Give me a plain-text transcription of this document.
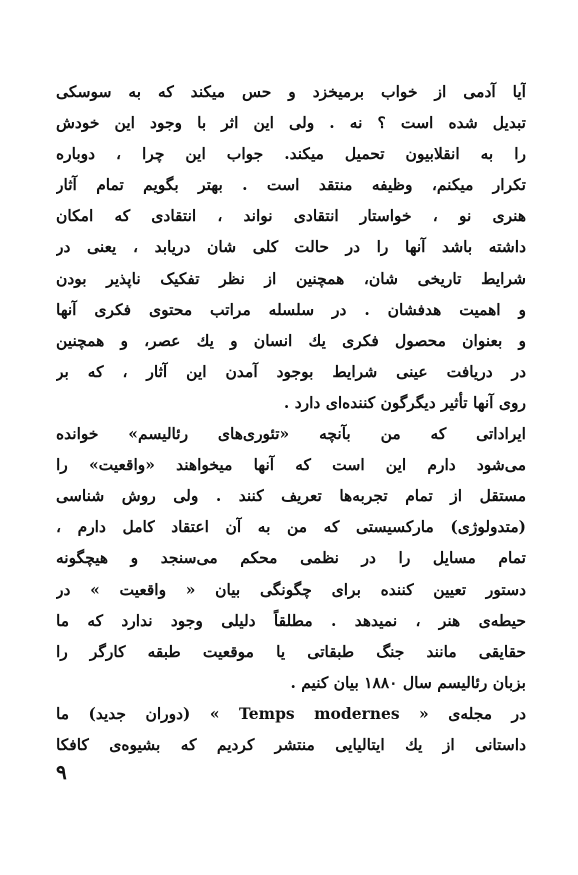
آیا آدمی از خواب برمیخزد و حس میکند که به سوسکی
تبدیل شده است ؟ نه . ولی این اثر با وجود این خودش
را به انقلابیون تحمیل میکند. جواب این چرا ، دوباره
تکرار میکنم، وظیفه منتقد است . بهتر بگویم تمام آثار
هنری نو ، خواستار انتقادی نواند ، انتقادی که امکان
داشته باشد آنها را در حالت کلی شان دریابد ، یعنی در
شرایط تاریخی شان، همچنین از نظر تفکیک ناپذیر بودن
و اهمیت هدفشان . در سلسله مراتب محتوی فکری آنها
و بعنوان محصول فکری یك انسان و یك عصر، و همچنین
در دریافت عینی شرایط بوجود آمدن این آثار ، که بر
روی آنها تأثیر دیگرگون کننده‌ای دارد .
ایراداتی که من بآنچه «تئوری‌های رئالیسم» خوانده
می‌شود دارم این است که آنها میخواهند «واقعیت» را
مستقل از تمام تجربه‌ها تعریف کنند . ولی روش شناسی
(متدولوژی) مارکسیستی که من به آن اعتقاد کامل دارم ،
تمام مسایل را در نظمی محکم می‌سنجد و هیچگونه
دستور تعیین کننده برای چگونگی بیان « واقعیت » در
حیطه‌ی هنر ، نمیدهد . مطلقاً دلیلی وجود ندارد که ما
حقایقی مانند جنگ طبقاتی یا موقعیت طبقه کارگر را
بزبان رئالیسم سال ۱۸۸۰ بیان کنیم .
در مجله‌ی « Temps modernes » (دوران جدید) ما
داستانی از یك ایتالیایی منتشر کردیم که بشیوه‌ی کافکا
۹
